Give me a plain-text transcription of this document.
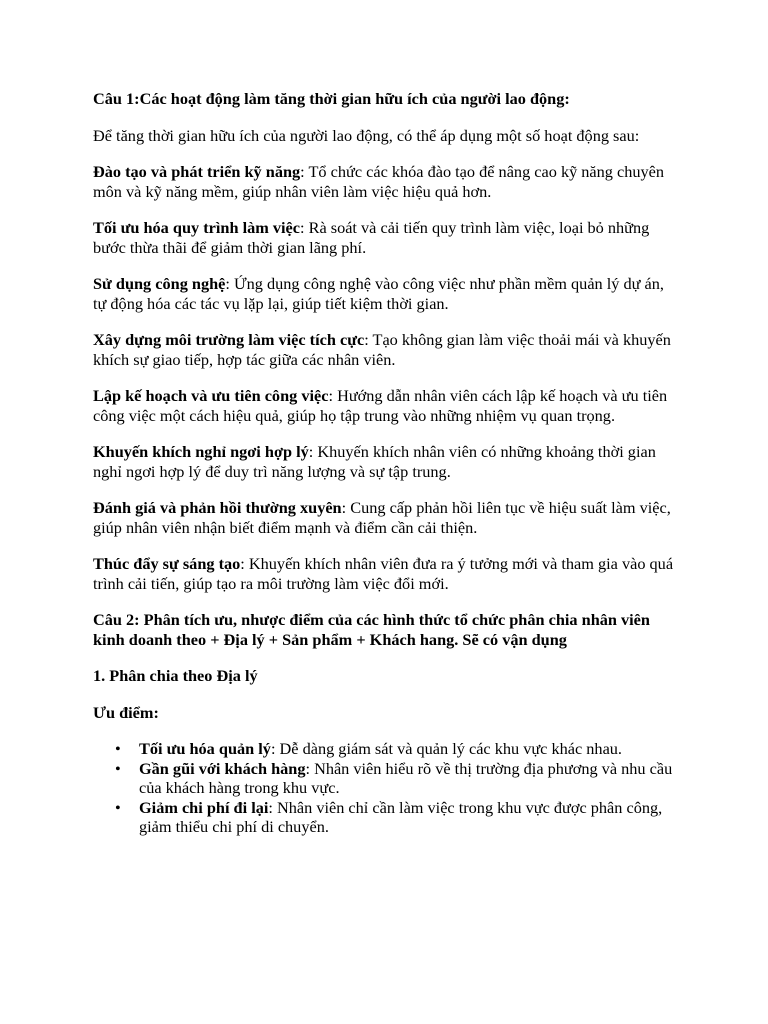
Câu 1:Các hoạt động làm tăng thời gian hữu ích của người lao động:

Để tăng thời gian hữu ích của người lao động, có thể áp dụng một số hoạt động sau:

Đào tạo và phát triển kỹ năng: Tổ chức các khóa đào tạo để nâng cao kỹ năng chuyên môn và kỹ năng mềm, giúp nhân viên làm việc hiệu quả hơn.

Tối ưu hóa quy trình làm việc: Rà soát và cải tiến quy trình làm việc, loại bỏ những bước thừa thãi để giảm thời gian lãng phí.

Sử dụng công nghệ: Ứng dụng công nghệ vào công việc như phần mềm quản lý dự án, tự động hóa các tác vụ lặp lại, giúp tiết kiệm thời gian.

Xây dựng môi trường làm việc tích cực: Tạo không gian làm việc thoải mái và khuyến khích sự giao tiếp, hợp tác giữa các nhân viên.

Lập kế hoạch và ưu tiên công việc: Hướng dẫn nhân viên cách lập kế hoạch và ưu tiên công việc một cách hiệu quả, giúp họ tập trung vào những nhiệm vụ quan trọng.

Khuyến khích nghỉ ngơi hợp lý: Khuyến khích nhân viên có những khoảng thời gian nghỉ ngơi hợp lý để duy trì năng lượng và sự tập trung.

Đánh giá và phản hồi thường xuyên: Cung cấp phản hồi liên tục về hiệu suất làm việc, giúp nhân viên nhận biết điểm mạnh và điểm cần cải thiện.

Thúc đẩy sự sáng tạo: Khuyến khích nhân viên đưa ra ý tưởng mới và tham gia vào quá trình cải tiến, giúp tạo ra môi trường làm việc đổi mới.

Câu 2: Phân tích ưu, nhược điểm của các hình thức tổ chức phân chia nhân viên kinh doanh theo + Địa lý + Sản phẩm + Khách hang. Sẽ có vận dụng

1. Phân chia theo Địa lý

Ưu điểm:

• Tối ưu hóa quản lý: Dễ dàng giám sát và quản lý các khu vực khác nhau.
• Gần gũi với khách hàng: Nhân viên hiểu rõ về thị trường địa phương và nhu cầu của khách hàng trong khu vực.
• Giảm chi phí đi lại: Nhân viên chỉ cần làm việc trong khu vực được phân công, giảm thiểu chi phí di chuyển.
